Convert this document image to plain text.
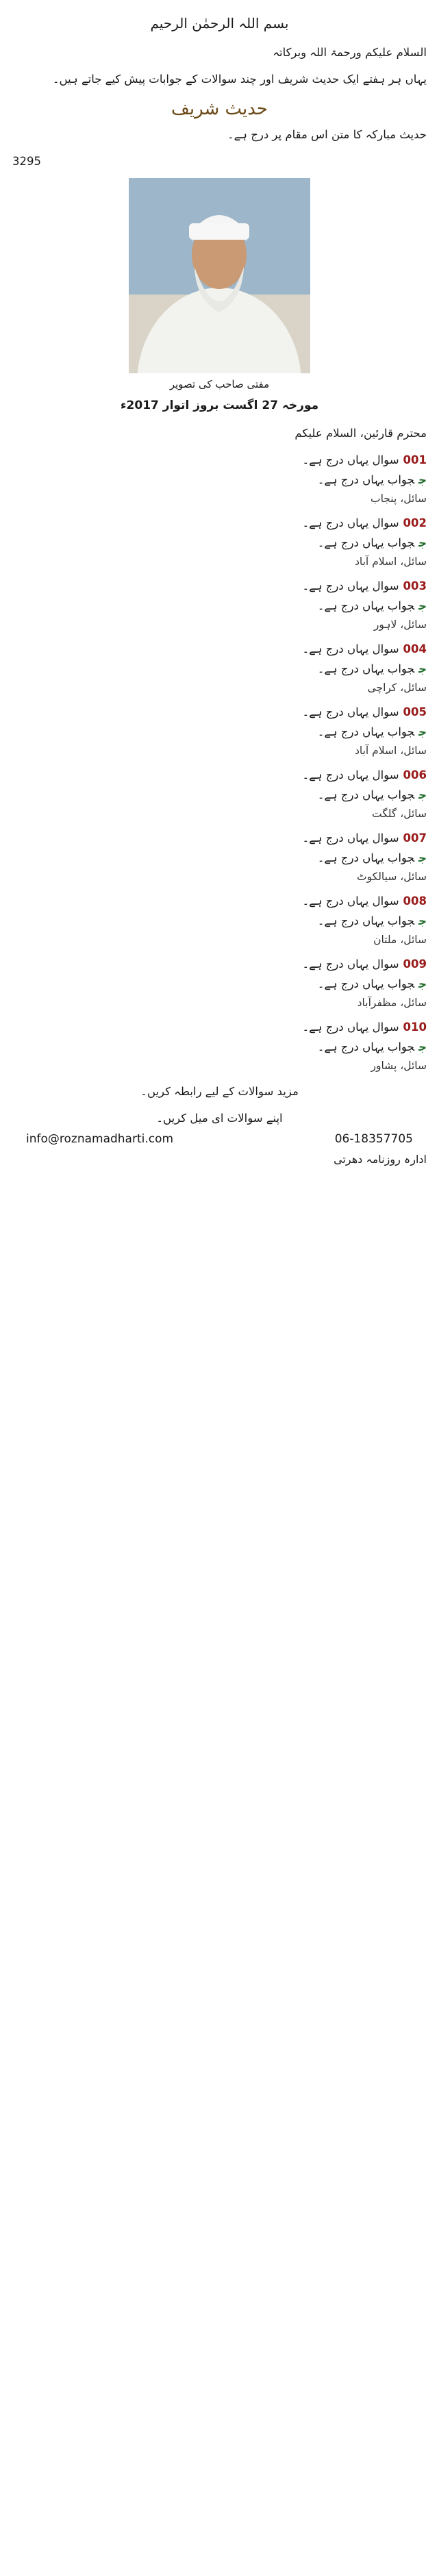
بسم اللہ الرحمٰن الرحیم

السلام علیکم ورحمۃ اللہ وبرکاتہ

یہاں ہر ہفتے ایک حدیث شریف اور چند سوالات کے جوابات پیش کیے جاتے ہیں۔

حدیث شریف

حدیث مبارکہ کا متن اس مقام پر درج ہے۔

3295

مفتی صاحب کی تصویر
مورخہ 27 اگست بروز اتوار 2017ء

محترم قارئین، السلام علیکم

001سوال یہاں درج ہے۔

ججواب یہاں درج ہے۔

سائل، پنجاب

002سوال یہاں درج ہے۔

ججواب یہاں درج ہے۔

سائل، اسلام آباد

003سوال یہاں درج ہے۔

ججواب یہاں درج ہے۔

سائل، لاہور

004سوال یہاں درج ہے۔

ججواب یہاں درج ہے۔

سائل، کراچی

005سوال یہاں درج ہے۔

ججواب یہاں درج ہے۔

سائل، اسلام آباد

006سوال یہاں درج ہے۔

ججواب یہاں درج ہے۔

سائل، گلگت

007سوال یہاں درج ہے۔

ججواب یہاں درج ہے۔

سائل، سیالکوٹ

008سوال یہاں درج ہے۔

ججواب یہاں درج ہے۔

سائل، ملتان

009سوال یہاں درج ہے۔

ججواب یہاں درج ہے۔

سائل، مظفرآباد

010سوال یہاں درج ہے۔

ججواب یہاں درج ہے۔

سائل، پشاور

مزید سوالات کے لیے رابطہ کریں۔
اپنے سوالات ای میل کریں۔
info@roznamadharti.com	06-18357705
ادارہ روزنامہ دھرتی
